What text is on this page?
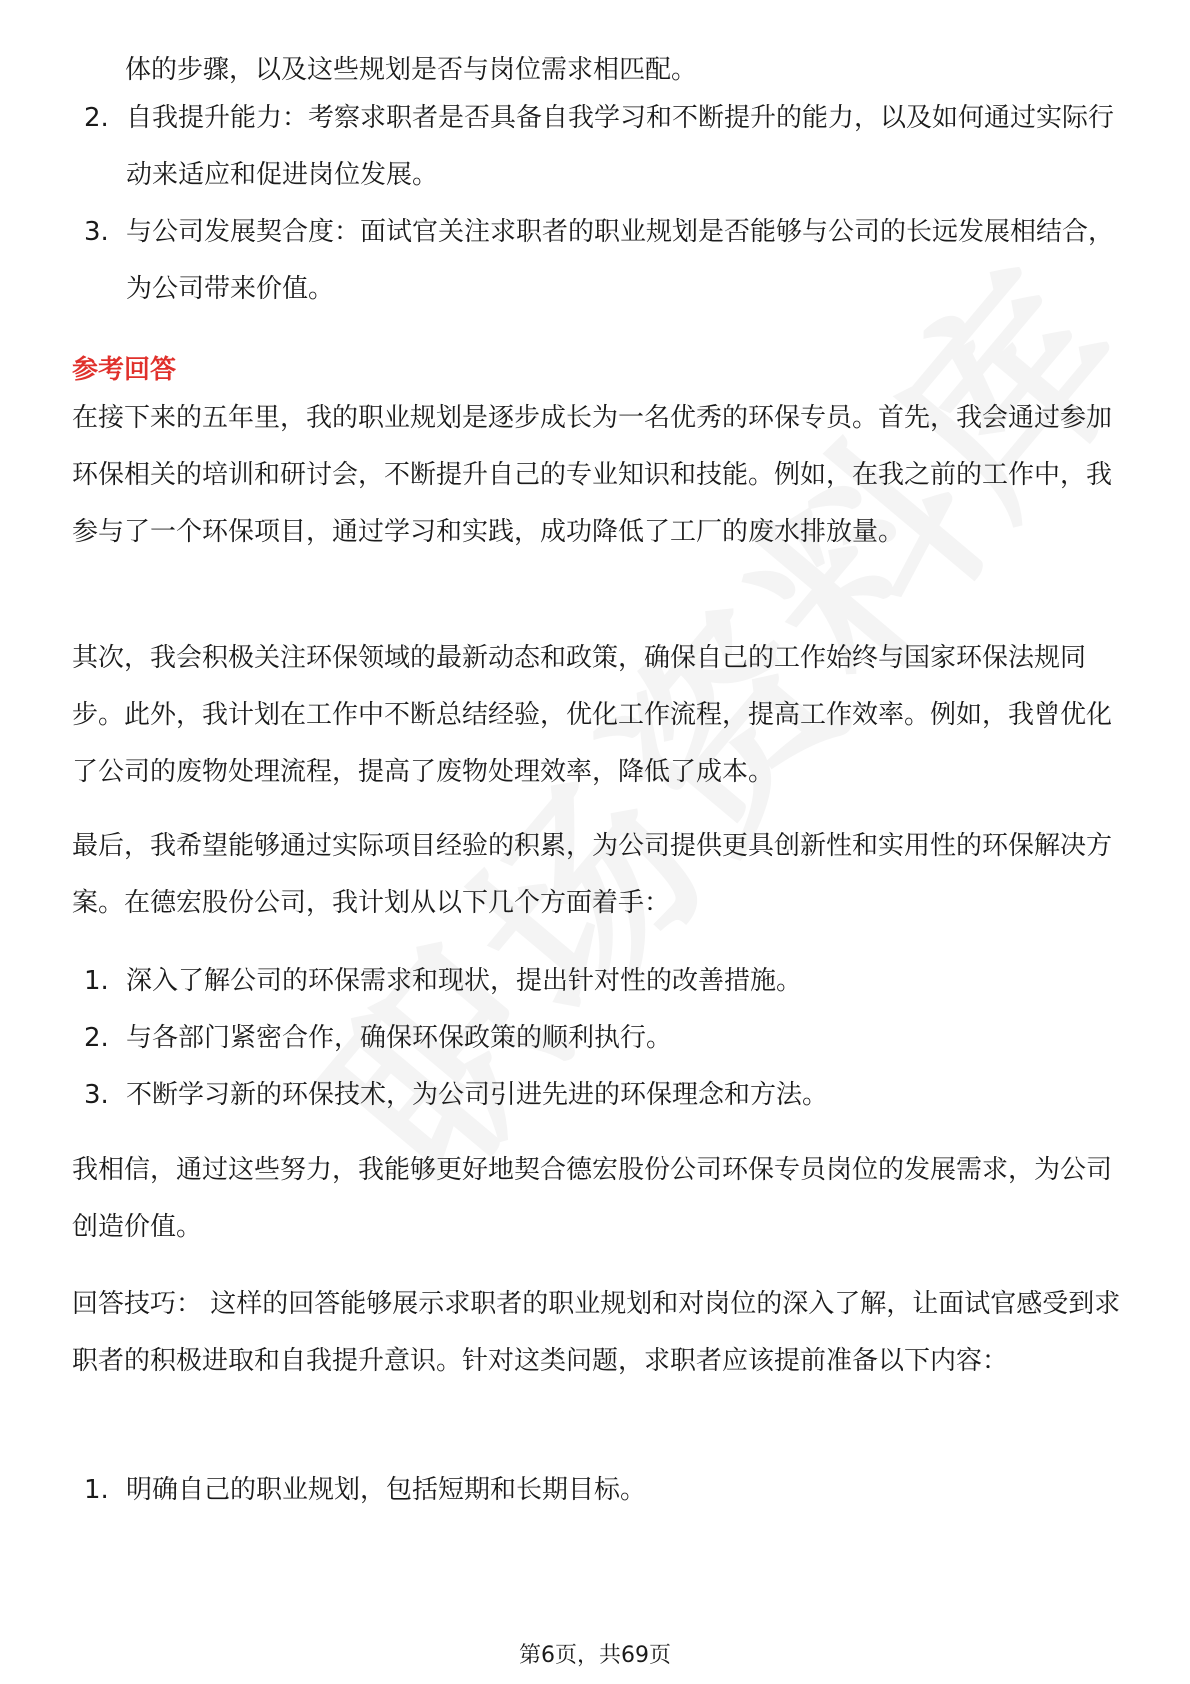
体的步骤，以及这些规划是否与岗位需求相匹配。

2. 自我提升能力：考察求职者是否具备自我学习和不断提升的能力，以及如何通过实际行动来适应和促进岗位发展。
3. 与公司发展契合度：面试官关注求职者的职业规划是否能够与公司的长远发展相结合，为公司带来价值。
参考回答

在接下来的五年里，我的职业规划是逐步成长为一名优秀的环保专员。首先，我会通过参加环保相关的培训和研讨会，不断提升自己的专业知识和技能。例如，在我之前的工作中，我参与了一个环保项目，通过学习和实践，成功降低了工厂的废水排放量。

其次，我会积极关注环保领域的最新动态和政策，确保自己的工作始终与国家环保法规同步。此外，我计划在工作中不断总结经验，优化工作流程，提高工作效率。例如，我曾优化了公司的废物处理流程，提高了废物处理效率，降低了成本。

最后，我希望能够通过实际项目经验的积累，为公司提供更具创新性和实用性的环保解决方案。在德宏股份公司，我计划从以下几个方面着手：

1. 深入了解公司的环保需求和现状，提出针对性的改善措施。
2. 与各部门紧密合作，确保环保政策的顺利执行。
3. 不断学习新的环保技术，为公司引进先进的环保理念和方法。

我相信，通过这些努力，我能够更好地契合德宏股份公司环保专员岗位的发展需求，为公司创造价值。

回答技巧： 这样的回答能够展示求职者的职业规划和对岗位的深入了解，让面试官感受到求职者的积极进取和自我提升意识。针对这类问题，求职者应该提前准备以下内容：

1. 明确自己的职业规划，包括短期和长期目标。
第6页，共69页
